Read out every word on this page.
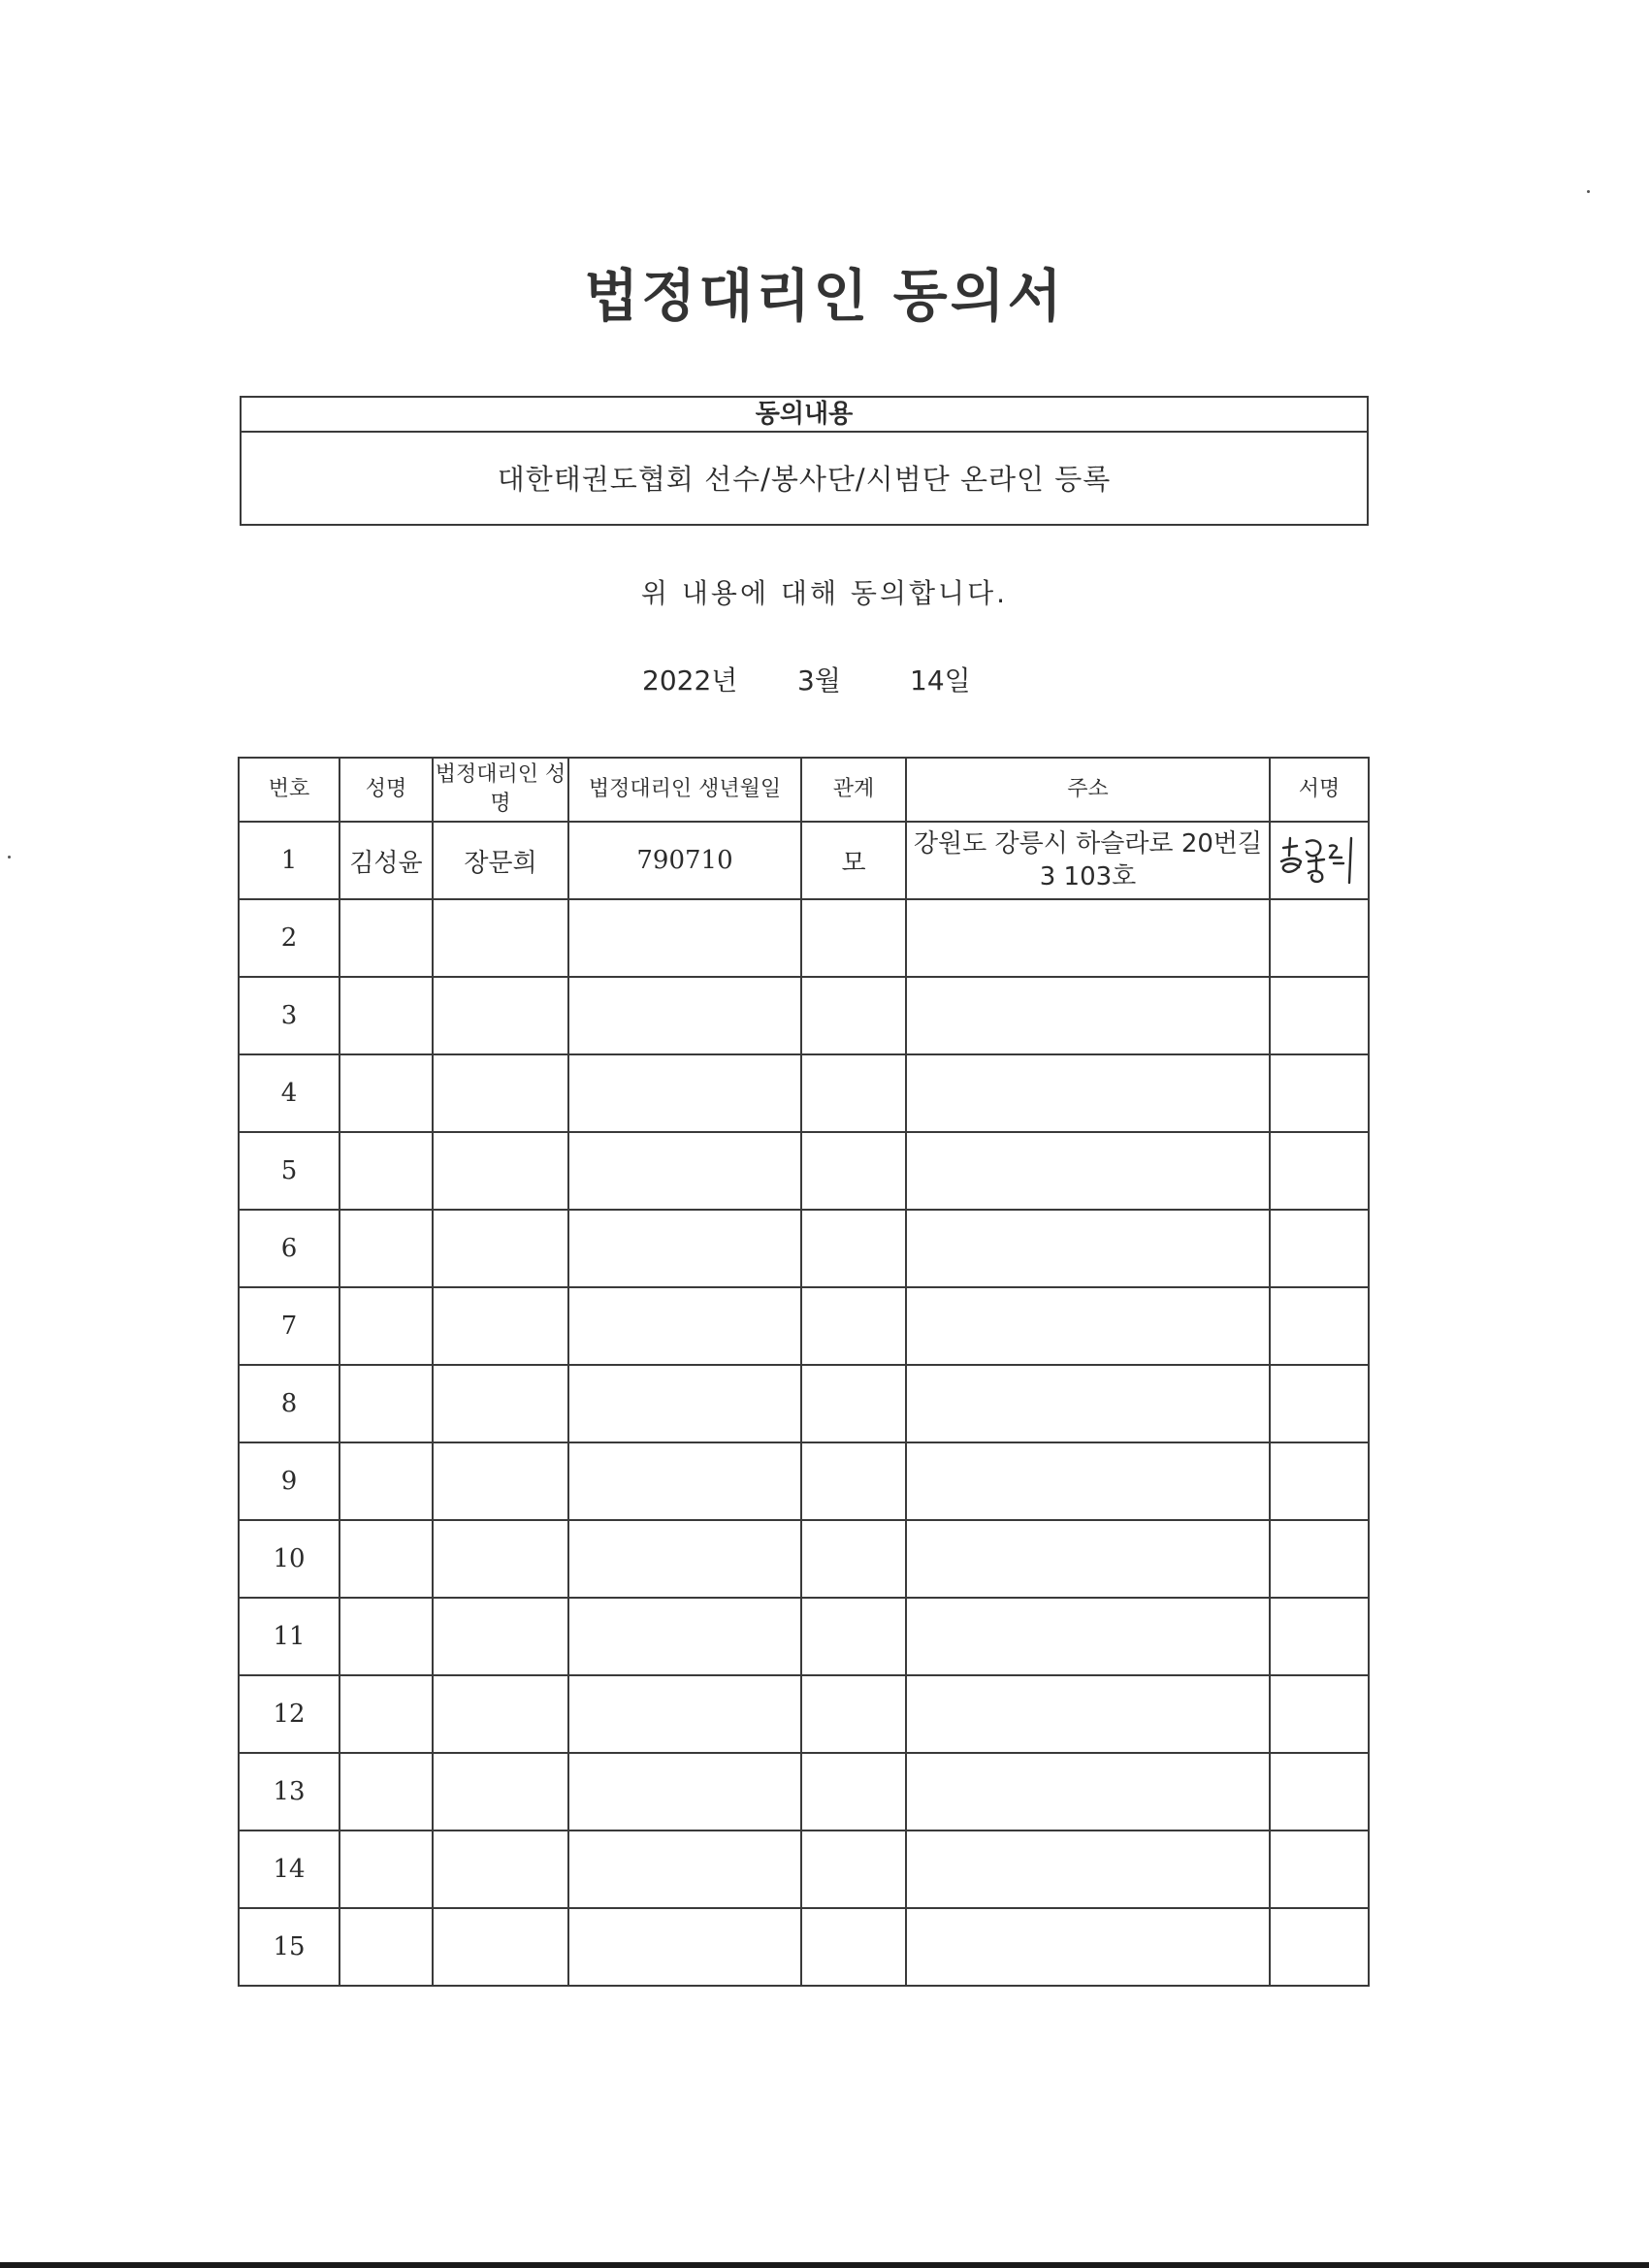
법정대리인 동의서
동의내용
대한태권도협회 선수/봉사단/시범단 온라인 등록
위 내용에 대해 동의합니다.
2022년 3월	14일
번호	성명	법정대리인 성명	법정대리인 생년월일	관계	주소	서명
1	김성윤	장문희	790710	모	강원도 강릉시 하슬라로 20번길 3 103호	

2						
3						
4						
5						
6						
7						
8						
9						
10						
11						
12						
13						
14						
15						
